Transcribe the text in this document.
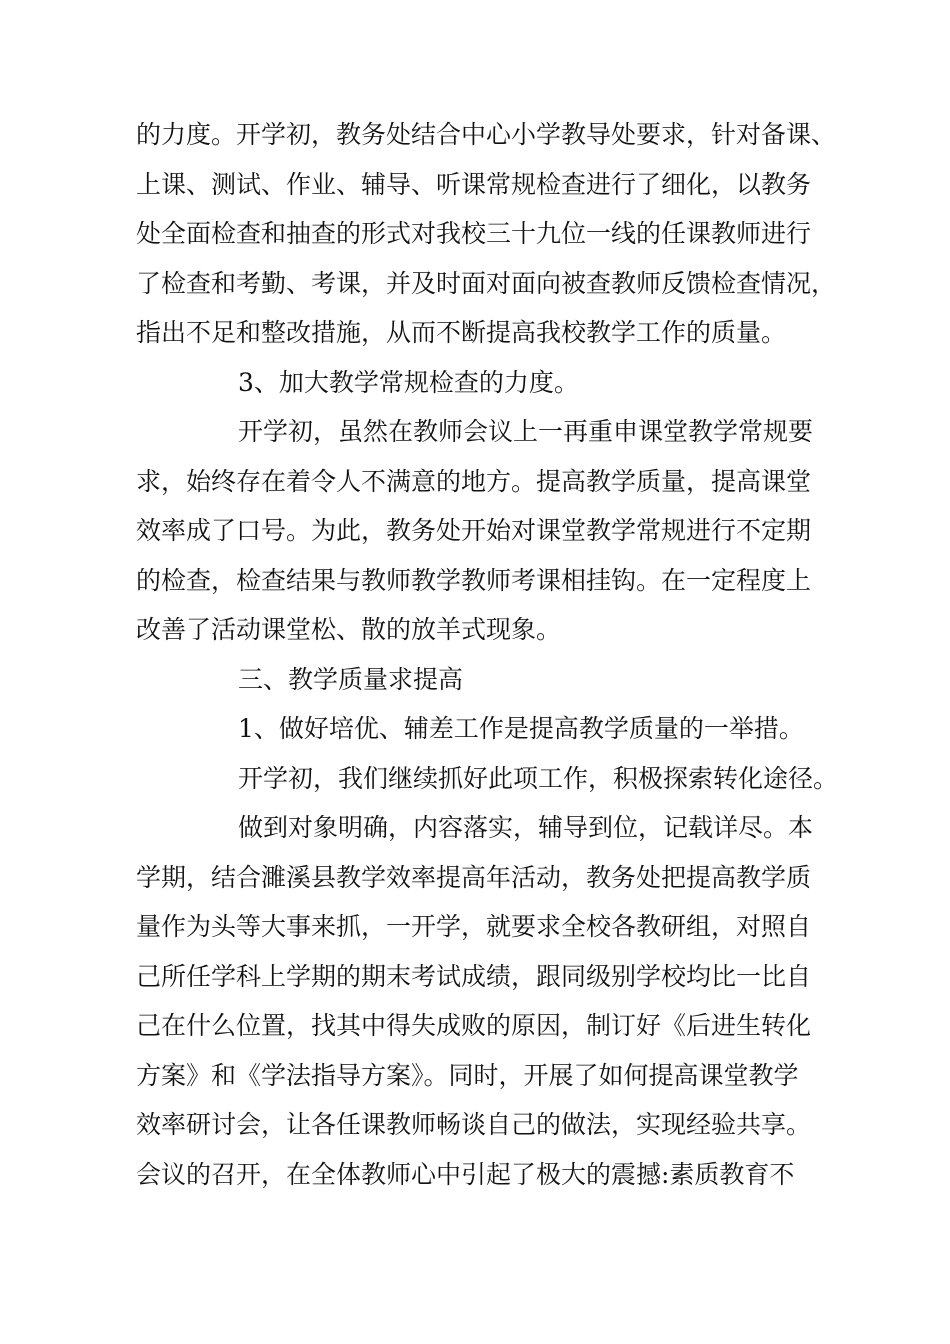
的力度。开学初，教务处结合中心小学教导处要求，针对备课、
上课、测试、作业、辅导、听课常规检查进行了细化，以教务
处全面检查和抽查的形式对我校三十九位一线的任课教师进行
了检查和考勤、考课，并及时面对面向被查教师反馈检查情况，
指出不足和整改措施，从而不断提高我校教学工作的质量。
3、加大教学常规检查的力度。
开学初，虽然在教师会议上一再重申课堂教学常规要
求，始终存在着令人不满意的地方。提高教学质量，提高课堂
效率成了口号。为此，教务处开始对课堂教学常规进行不定期
的检查，检查结果与教师教学教师考课相挂钩。在一定程度上
改善了活动课堂松、散的放羊式现象。
三、教学质量求提高
1、做好培优、辅差工作是提高教学质量的一举措。
开学初，我们继续抓好此项工作，积极探索转化途径。
做到对象明确，内容落实，辅导到位，记载详尽。本
学期，结合濉溪县教学效率提高年活动，教务处把提高教学质
量作为头等大事来抓，一开学，就要求全校各教研组，对照自
己所任学科上学期的期末考试成绩，跟同级别学校均比一比自
己在什么位置，找其中得失成败的原因，制订好《后进生转化
方案》和《学法指导方案》。同时，开展了如何提高课堂教学
效率研讨会，让各任课教师畅谈自己的做法，实现经验共享。
会议的召开，在全体教师心中引起了极大的震撼:素质教育不
